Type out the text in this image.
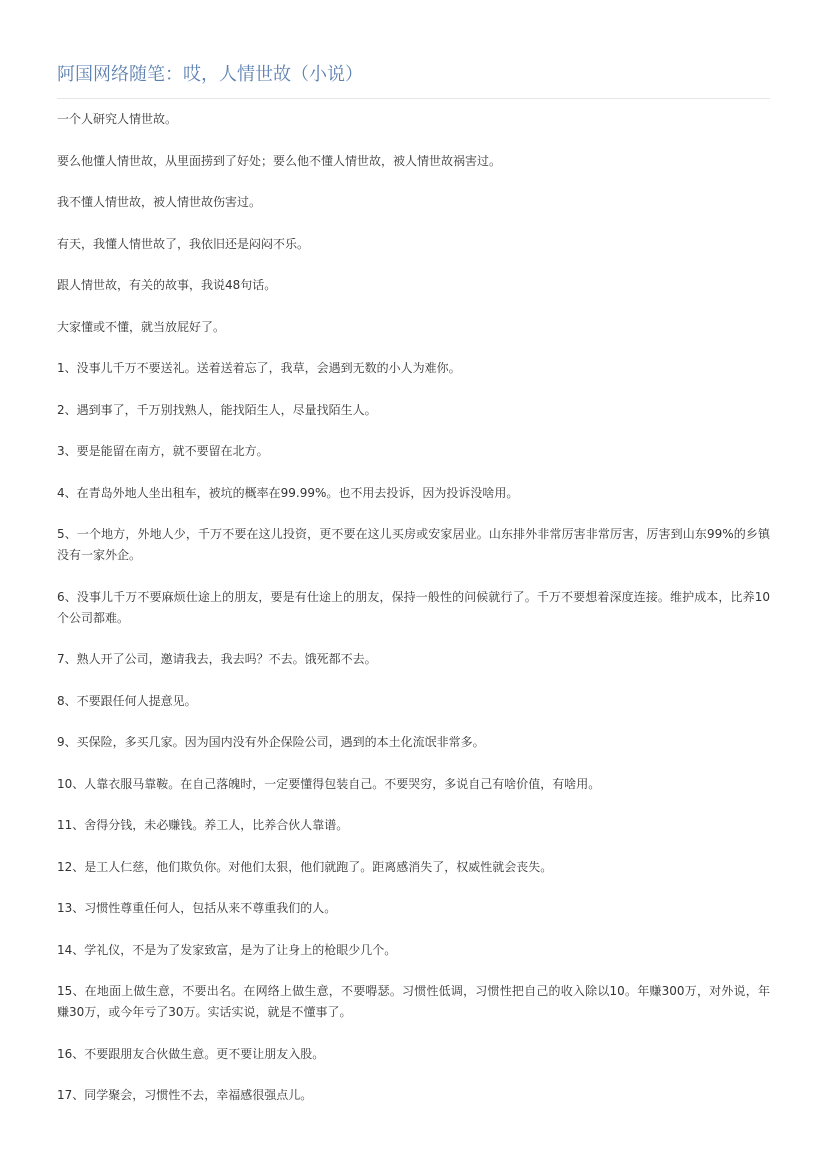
阿国网络随笔：哎，人情世故（小说）

一个人研究人情世故。

要么他懂人情世故，从里面捞到了好处；要么他不懂人情世故，被人情世故祸害过。

我不懂人情世故，被人情世故伤害过。

有天，我懂人情世故了，我依旧还是闷闷不乐。

跟人情世故，有关的故事，我说48句话。

大家懂或不懂，就当放屁好了。

1、没事儿千万不要送礼。送着送着忘了，我草，会遇到无数的小人为难你。

2、遇到事了，千万别找熟人，能找陌生人，尽量找陌生人。

3、要是能留在南方，就不要留在北方。

4、在青岛外地人坐出租车，被坑的概率在99.99%。也不用去投诉，因为投诉没啥用。

5、一个地方，外地人少，千万不要在这儿投资，更不要在这儿买房或安家居业。山东排外非常厉害非常厉害，厉害到山东99%的乡镇没有一家外企。

6、没事儿千万不要麻烦仕途上的朋友，要是有仕途上的朋友，保持一般性的问候就行了。千万不要想着深度连接。维护成本，比养10个公司都难。

7、熟人开了公司，邀请我去，我去吗？不去。饿死都不去。

8、不要跟任何人提意见。

9、买保险，多买几家。因为国内没有外企保险公司，遇到的本土化流氓非常多。

10、人靠衣服马靠鞍。在自己落魄时，一定要懂得包装自己。不要哭穷，多说自己有啥价值，有啥用。

11、舍得分钱，未必赚钱。养工人，比养合伙人靠谱。

12、是工人仁慈，他们欺负你。对他们太狠，他们就跑了。距离感消失了，权威性就会丧失。

13、习惯性尊重任何人，包括从来不尊重我们的人。

14、学礼仪，不是为了发家致富，是为了让身上的枪眼少几个。

15、在地面上做生意，不要出名。在网络上做生意，不要嘚瑟。习惯性低调，习惯性把自己的收入除以10。年赚300万，对外说，年赚30万，或今年亏了30万。实话实说，就是不懂事了。

16、不要跟朋友合伙做生意。更不要让朋友入股。

17、同学聚会，习惯性不去，幸福感很强点儿。
